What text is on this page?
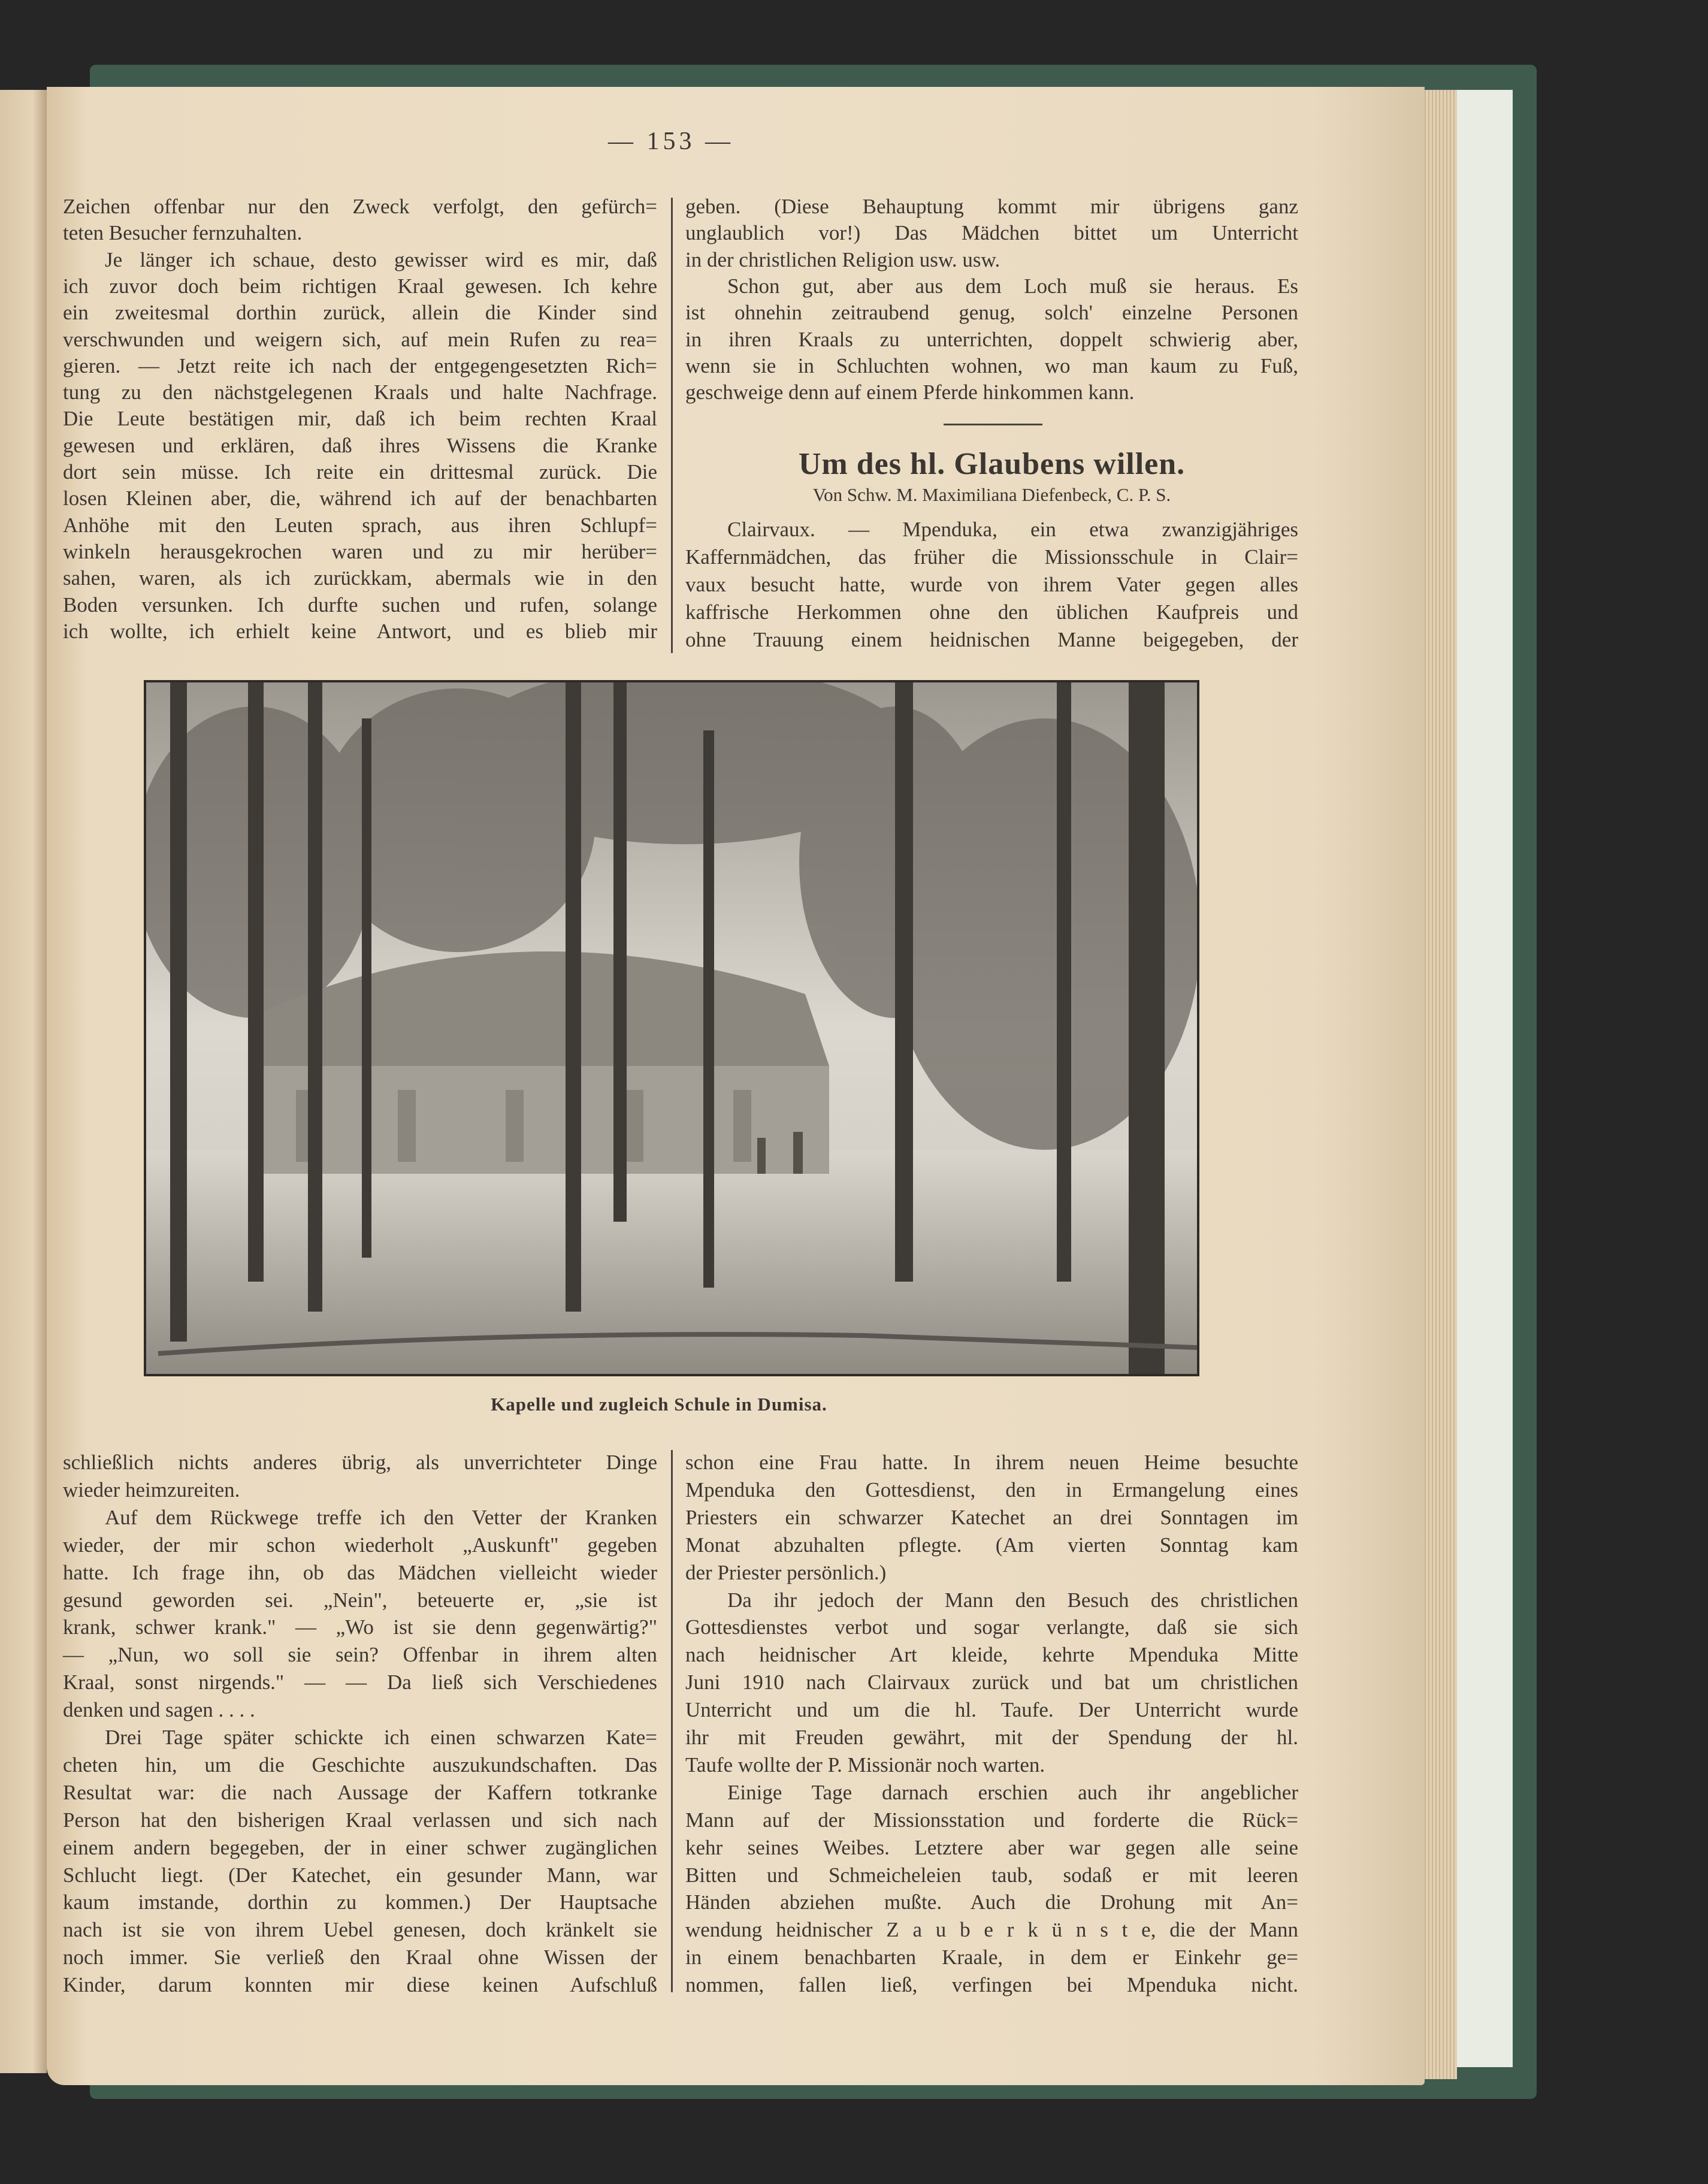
— 153 —
Zeichen offenbar nur den Zweck verfolgt, den gefürch=
teten Besucher fernzuhalten.
Je länger ich schaue, desto gewisser wird es mir, daß
ich zuvor doch beim richtigen Kraal gewesen. Ich kehre
ein zweitesmal dorthin zurück, allein die Kinder sind
verschwunden und weigern sich, auf mein Rufen zu rea=
gieren. — Jetzt reite ich nach der entgegengesetzten Rich=
tung zu den nächstgelegenen Kraals und halte Nachfrage.
Die Leute bestätigen mir, daß ich beim rechten Kraal
gewesen und erklären, daß ihres Wissens die Kranke
dort sein müsse. Ich reite ein drittesmal zurück. Die
losen Kleinen aber, die, während ich auf der benachbarten
Anhöhe mit den Leuten sprach, aus ihren Schlupf=
winkeln herausgekrochen waren und zu mir herüber=
sahen, waren, als ich zurückkam, abermals wie in den
Boden versunken. Ich durfte suchen und rufen, solange
ich wollte, ich erhielt keine Antwort, und es blieb mir
geben. (Diese Behauptung kommt mir übrigens ganz
unglaublich vor!) Das Mädchen bittet um Unterricht
in der christlichen Religion usw. usw.
Schon gut, aber aus dem Loch muß sie heraus. Es
ist ohnehin zeitraubend genug, solch' einzelne Personen
in ihren Kraals zu unterrichten, doppelt schwierig aber,
wenn sie in Schluchten wohnen, wo man kaum zu Fuß,
geschweige denn auf einem Pferde hinkommen kann.
Clairvaux. — Mpenduka, ein etwa zwanzigjähriges
Kaffernmädchen, das früher die Missionsschule in Clair=
vaux besucht hatte, wurde von ihrem Vater gegen alles
kaffrische Herkommen ohne den üblichen Kaufpreis und
ohne Trauung einem heidnischen Manne beigegeben, der
schließlich nichts anderes übrig, als unverrichteter Dinge
wieder heimzureiten.
Auf dem Rückwege treffe ich den Vetter der Kranken
wieder, der mir schon wiederholt „Auskunft" gegeben
hatte. Ich frage ihn, ob das Mädchen vielleicht wieder
gesund geworden sei. „Nein", beteuerte er, „sie ist
krank, schwer krank." — „Wo ist sie denn gegenwärtig?"
— „Nun, wo soll sie sein? Offenbar in ihrem alten
Kraal, sonst nirgends." — — Da ließ sich Verschiedenes
denken und sagen . . . .
Drei Tage später schickte ich einen schwarzen Kate=
cheten hin, um die Geschichte auszukundschaften. Das
Resultat war: die nach Aussage der Kaffern totkranke
Person hat den bisherigen Kraal verlassen und sich nach
einem andern begegeben, der in einer schwer zugänglichen
Schlucht liegt. (Der Katechet, ein gesunder Mann, war
kaum imstande, dorthin zu kommen.) Der Hauptsache
nach ist sie von ihrem Uebel genesen, doch kränkelt sie
noch immer. Sie verließ den Kraal ohne Wissen der
Kinder, darum konnten mir diese keinen Aufschluß
schon eine Frau hatte. In ihrem neuen Heime besuchte
Mpenduka den Gottesdienst, den in Ermangelung eines
Priesters ein schwarzer Katechet an drei Sonntagen im
Monat abzuhalten pflegte. (Am vierten Sonntag kam
der Priester persönlich.)
Da ihr jedoch der Mann den Besuch des christlichen
Gottesdienstes verbot und sogar verlangte, daß sie sich
nach heidnischer Art kleide, kehrte Mpenduka Mitte
Juni 1910 nach Clairvaux zurück und bat um christlichen
Unterricht und um die hl. Taufe. Der Unterricht wurde
ihr mit Freuden gewährt, mit der Spendung der hl.
Taufe wollte der P. Missionär noch warten.
Einige Tage darnach erschien auch ihr angeblicher
Mann auf der Missionsstation und forderte die Rück=
kehr seines Weibes. Letztere aber war gegen alle seine
Bitten und Schmeicheleien taub, sodaß er mit leeren
Händen abziehen mußte. Auch die Drohung mit An=
wendung heidnischer Z a u b e r k ü n s t e, die der Mann
in einem benachbarten Kraale, in dem er Einkehr ge=
nommen, fallen ließ, verfingen bei Mpenduka nicht.
Um des hl. Glaubens willen.
Von Schw. M. Maximiliana Diefenbeck, C. P. S.
Kapelle und zugleich Schule in Dumisa.
